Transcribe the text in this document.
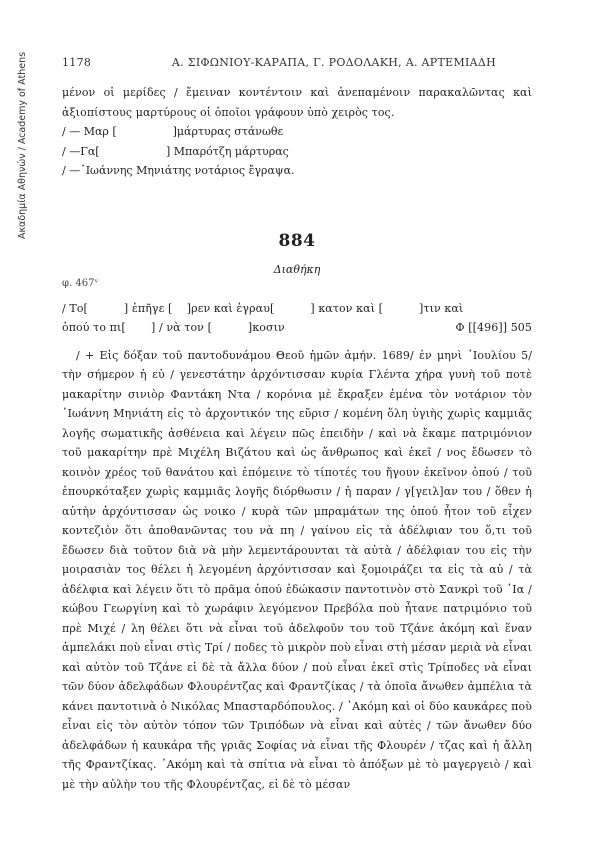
Ακαδημία Αθηνών / Academy of Athens	1178	Α. ΣΙΦΩΝΙΟΥ-ΚΑΡΑΠΑ, Γ. ΡΟΔΟΛΑΚΗ, Α. ΑΡΤΕΜΙΑΔΗ

μένον οἱ μερίδες / ἔμειναν κοντέντοιν καὶ ἀνεπαμένοιν παρακαλῶντας καὶ ἀξιοπίστους μαρτύρους οἱ ὁποῖοι γράφουν ὑπὸ χειρὸς τος.

/ — Μαρ [                ]μάρτυρας στάνωθε
/ —Γα[                   ] Μπαρότζη μάρτυρας
/ —᾿Ιωάννης Μηνιάτης νοτάριος ἔγραψα.
884
Διαθήκη
φ. 467ᵛ

/ Το[          ] ἐπῆγε [    ]ρεν καὶ ἐγραυ[          ] κατον καὶ [          ]τιν καὶ

ὁπού το πι[       ] / νὰ τον [          ]κοσιν	Φ [[496]] 505

/ + Εἰς δόξαν τοῦ παντοδυνάμου Θεοῦ ἡμῶν ἀμήν. 1689/ ἐν μηνὶ ᾿Ιουλίου 5/ τὴν σήμερον ἡ εὐ / γενεστάτην ἀρχόντισσαν κυρία Γλέντα χήρα γυνὴ τοῦ ποτὲ μακαρίτην σινιὸρ Φαντάκη Ντα / κορόνια μὲ ἔκραξεν ἐμένα τὸν νοτάριον τὸν ᾿Ιωάννη Μηνιάτη εἰς τὸ ἀρχοντικόν της εὔρισ / κομένη ὅλη ὑγιὴς χωρὶς καμμιᾶς λογῆς σωματικῆς ἀσθένεια καὶ λέγειν πῶς ἐπειδὴν / καὶ νὰ ἔκαμε πατριμόνιον τοῦ μακαρίτην πρὲ Μιχέλη Βιζάτου καὶ ὡς ἄνθρωπος καὶ ἐκεῖ / νος ἔδωσεν τὸ κοινὸν χρέος τοῦ θανάτου καὶ ἐπόμεινε τὸ τίποτές του ἤγουν ἐκεῖνον ὁπού / τοῦ ἐπουρκόταξεν χωρὶς καμμιᾶς λογῆς διόρθωσιν / ἡ παραν / γ[γειλ]αν του / ὅθεν ἡ αὐτὴν ἀρχόντισσαν ὡς νοικο / κυρὰ τῶν μπραμάτων της ὁπού ἦτον τοῦ εἶχεν κοντεζιὸν ὅτι ἀποθανῶντας του νὰ πη / γαίνου εἰς τὰ ἀδέλφιαν του ὅ,τι τοῦ ἔδωσεν διὰ τοῦτον διὰ νὰ μὴν λεμεντάρουνται τὰ αὐτὰ / ἀδέλφιαν του εἰς τὴν μοιρασιὰν τος θέλει ἡ λεγομένη ἀρχόντισσαν καὶ ξομοιράζει τα εἰς τὰ αὐ / τὰ ἀδέλφια καὶ λέγειν ὅτι τὸ πρᾶμα ὁπού ἐδώκασιν παντοτινὸν στὸ Σανκρὶ τοῦ ᾿Ια / κώβου Γεωργίνη καὶ τὸ χωράφιν λεγόμενον Πρεβόλα ποὺ ἦτανε πατριμόνιο τοῦ πρὲ Μιχέ / λη θέλει ὅτι νὰ εἶναι τοῦ ἀδελφοῦν του τοῦ Τζάνε ἀκόμη καὶ ἕναν ἀμπελάκι ποὺ εἶναι στὶς Τρί / ποδες τὸ μικρὸν ποὺ εἶναι στὴ μέσαν μεριὰ νὰ εἶναι καὶ αὐτὸν τοῦ Τζάνε εἰ δὲ τὰ ἄλλα δύον / ποὺ εἶναι ἐκεῖ στὶς Τρίποδες νὰ εἶναι τῶν δύον ἀδελφάδων Φλουρέντζας καὶ Φραντζίκας / τὰ ὁποῖα ἄνωθεν ἀμπέλια τὰ κάνει παντοτινὰ ὁ Νικόλας Μπασταρδόπουλος. / ᾿Ακόμη καὶ οἱ δύο καυκάρες ποὺ εἶναι εἰς τὸν αὐτὸν τόπον τῶν Τριπόδων νὰ εἶναι καὶ αὐτὲς / τῶν ἄνωθεν δύο ἀδελφάδων ἡ καυκάρα τῆς γριᾶς Σοφίας νὰ εἶναι τῆς Φλουρέν / τζας καὶ ἡ ἄλλη τῆς Φραντζίκας. ᾿Ακόμη καὶ τὰ σπίτια νὰ εἶναι τὸ ἀπόξων μὲ τὸ μαγεργειὸ / καὶ μὲ τὴν αὐλὴν του τῆς Φλουρέντζας, εἰ δὲ τὸ μέσαν
